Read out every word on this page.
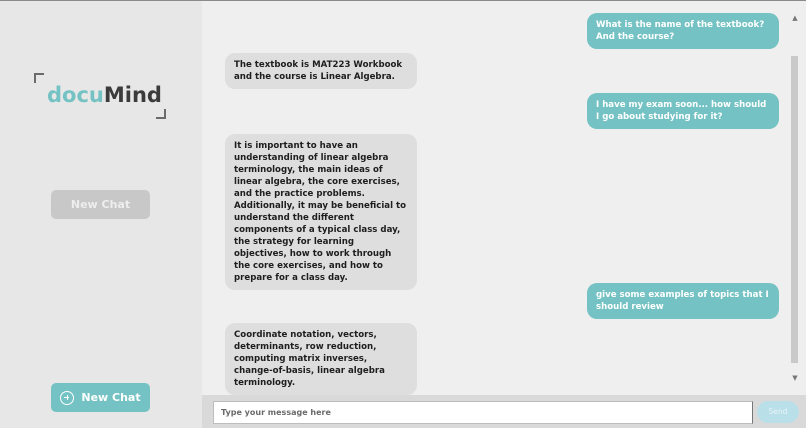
docuMind
New Chat
New Chat
What is the name of the textbook? And the course?
The textbook is MAT223 Workbook and the course is Linear Algebra.
I have my exam soon... how should I go about studying for it?
It is important to have an understanding of linear algebra terminology, the main ideas of linear algebra, the core exercises, and the practice problems. Additionally, it may be beneficial to understand the different components of a typical class day, the strategy for learning objectives, how to work through the core exercises, and how to prepare for a class day.
give some examples of topics that I should review
Coordinate notation, vectors, determinants, row reduction, computing matrix inverses, change-of-basis, linear algebra terminology.
▲
▼
Type your message here
Send
